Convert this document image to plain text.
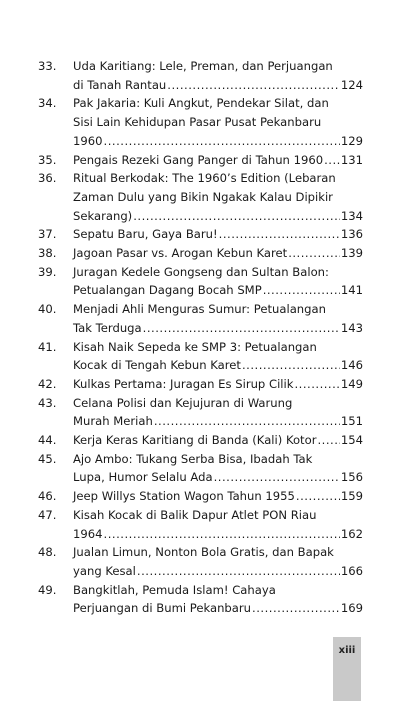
33. Uda Karitiang: Lele, Preman, dan Perjuangan
di Tanah Rantau .....	124
34. Pak Jakaria: Kuli Angkut, Pendekar Silat, dan
Sisi Lain Kehidupan Pasar Pusat Pekanbaru
1960 .....	129
35. Pengais Rezeki Gang Panger di Tahun 1960 ..... 131
36. Ritual Berkodak: The 1960’s Edition (Lebaran
Zaman Dulu yang Bikin Ngakak Kalau Dipikir
Sekarang) .....	134
37. Sepatu Baru, Gaya Baru! .....	136
38. Jagoan Pasar vs. Arogan Kebun Karet .....	139
39. Juragan Kedele Gongseng dan Sultan Balon:
Petualangan Dagang Bocah SMP .....	141
40. Menjadi Ahli Menguras Sumur: Petualangan
Tak Terduga .....	143
41. Kisah Naik Sepeda ke SMP 3: Petualangan
Kocak di Tengah Kebun Karet .....	146
42. Kulkas Pertama: Juragan Es Sirup Cilik .....	149
43. Celana Polisi dan Kejujuran di Warung
Murah Meriah .....	151
44. Kerja Keras Karitiang di Banda (Kali) Kotor ..... 154
45. Ajo Ambo: Tukang Serba Bisa, Ibadah Tak
Lupa, Humor Selalu Ada .....	156
46. Jeep Willys Station Wagon Tahun 1955 .....	159
47. Kisah Kocak di Balik Dapur Atlet PON Riau
1964 .....	162
48. Jualan Limun, Nonton Bola Gratis, dan Bapak
yang Kesal .....	166
49. Bangkitlah, Pemuda Islam! Cahaya
Perjuangan di Bumi Pekanbaru .....	169
xiii
